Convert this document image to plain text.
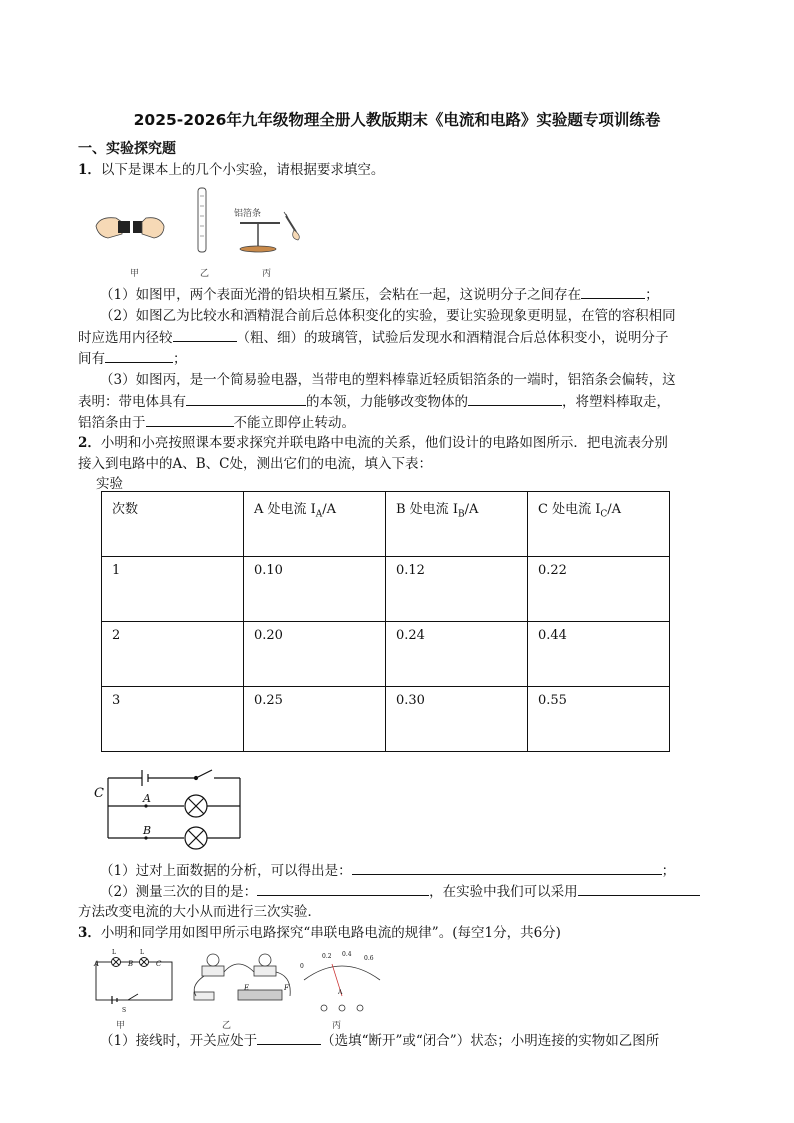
2025-2026年九年级物理全册人教版期末《电流和电路》实验题专项训练卷
一、实验探究题
1．以下是课本上的几个小实验，请根据要求填空。
铝箔条
甲	乙	丙
（1）如图甲，两个表面光滑的铅块相互紧压，会粘在一起，这说明分子之间存在	；
（2）如图乙为比较水和酒精混合前后总体积变化的实验，要让实验现象更明显，在管的容积相同
时应选用内径较	（粗、细）的玻璃管，试验后发现水和酒精混合后总体积变小，说明分子
间有	；
（3）如图丙，是一个简易验电器，当带电的塑料棒靠近轻质铝箔条的一端时，铝箔条会偏转，这
表明：带电体具有	的本领，力能够改变物体的	，将塑料棒取走，
铝箔条由于	不能立即停止转动。
2．小明和小亮按照课本要求探究并联电路中电流的关系，他们设计的电路如图所示．把电流表分别
接入到电路中的A、B、C处，测出它们的电流，填入下表：
实验
次数	A 处电流 $I_A/A$	B 处电流 $I_B/A$	C 处电流 $I_C/A$
1	0.10	0.12	0.22
2	0.20	0.24	0.44
3	0.25	0.30	0.55
C	A
B
（1）过对上面数据的分析，可以得出是：	；
（2）测量三次的目的是：	，在实验中我们可以采用
方法改变电流的大小从而进行三次实验．
3．小明和同学用如图甲所示电路探究“串联电路电流的规律”。(每空1分，共6分)
A	B	C
L	L
S
E	F
0
0.2 0.4
0.6
A
甲	乙	丙
（1）接线时，开关应处于	（选填“断开”或“闭合”）状态；小明连接的实物如乙图所
